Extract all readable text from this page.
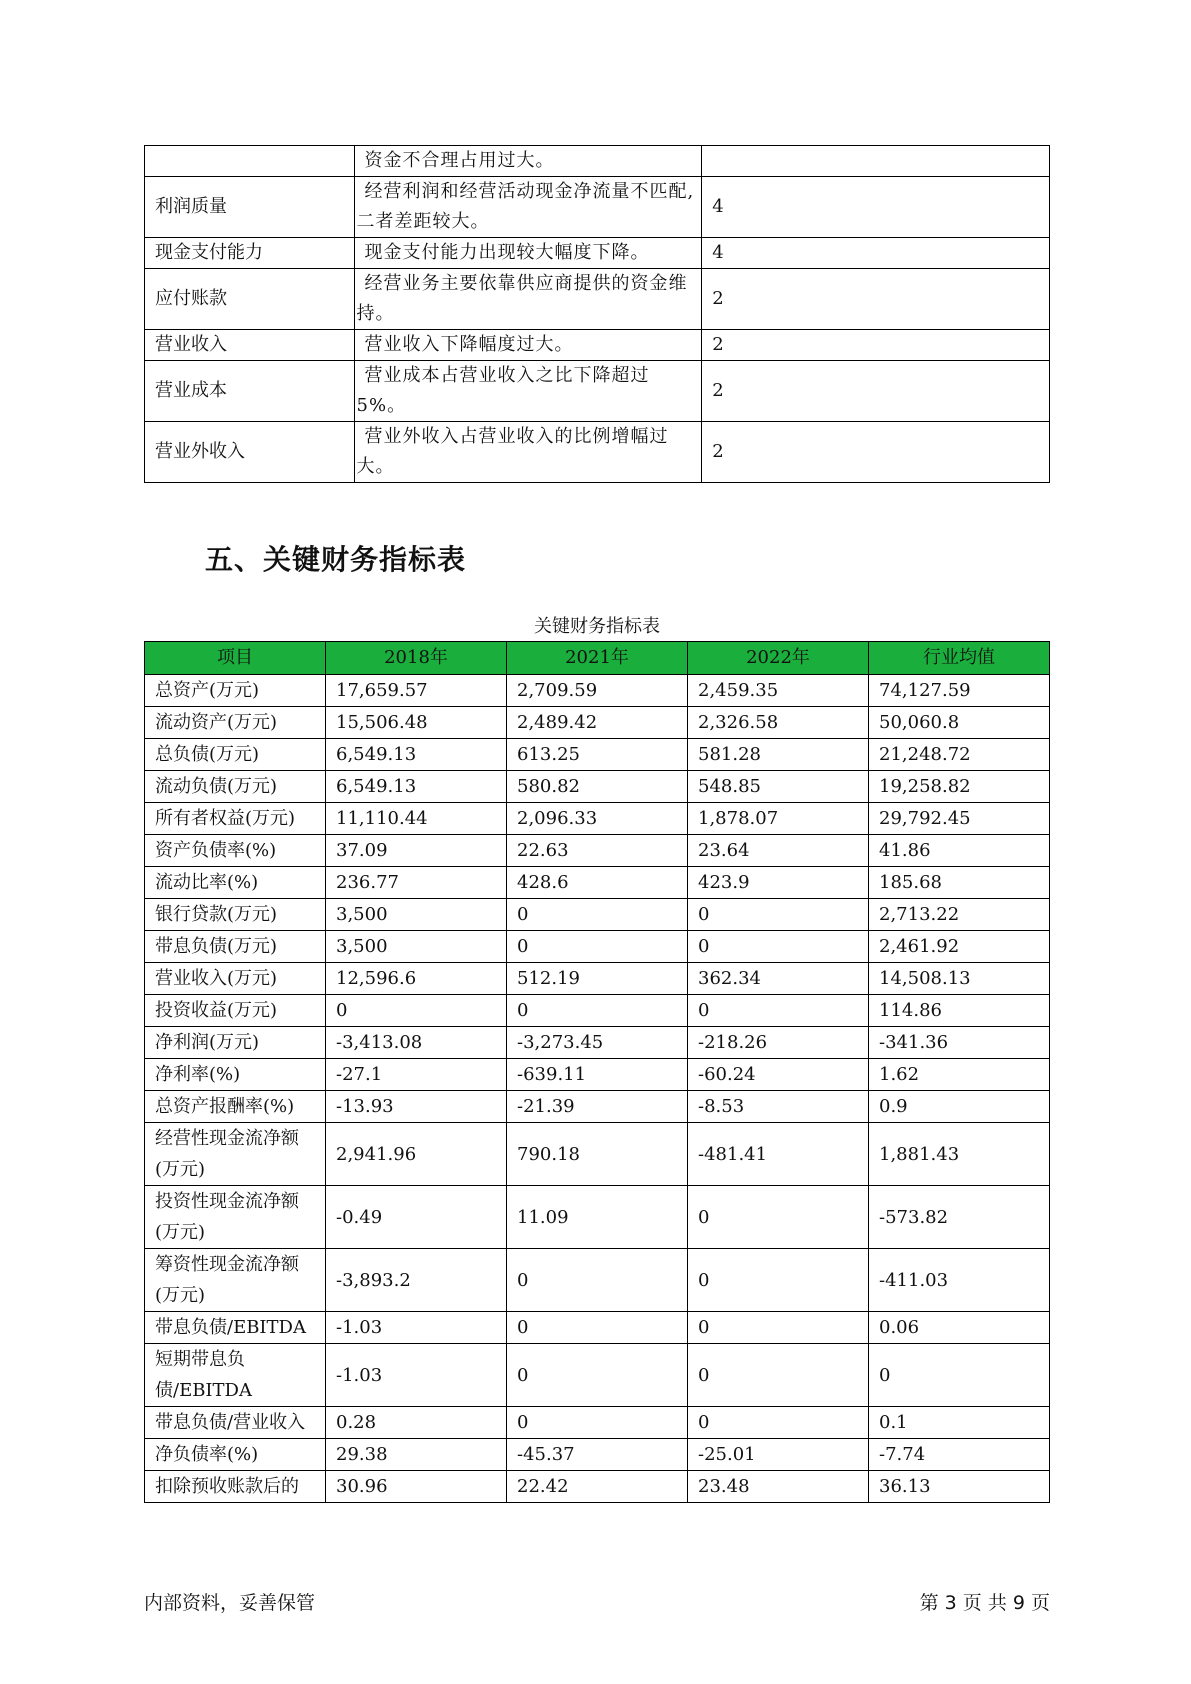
	资金不合理占用过大。	
利润质量	经营利润和经营活动现金净流量不匹配,二者差距较大。	4
现金支付能力	现金支付能力出现较大幅度下降。	4
应付账款	经营业务主要依靠供应商提供的资金维持。	2
营业收入	营业收入下降幅度过大。	2
营业成本	营业成本占营业收入之比下降超过5%。	2
营业外收入	营业外收入占营业收入的比例增幅过大。	2
五、关键财务指标表
关键财务指标表
项目	2018年	2021年	2022年	行业均值
总资产(万元)	17,659.57	2,709.59	2,459.35	74,127.59
流动资产(万元)	15,506.48	2,489.42	2,326.58	50,060.8
总负债(万元)	6,549.13	613.25	581.28	21,248.72
流动负债(万元)	6,549.13	580.82	548.85	19,258.82
所有者权益(万元)	11,110.44	2,096.33	1,878.07	29,792.45
资产负债率(%)	37.09	22.63	23.64	41.86
流动比率(%)	236.77	428.6	423.9	185.68
银行贷款(万元)	3,500	0	0	2,713.22
带息负债(万元)	3,500	0	0	2,461.92
营业收入(万元)	12,596.6	512.19	362.34	14,508.13
投资收益(万元)	0	0	0	114.86
净利润(万元)	-3,413.08	-3,273.45	-218.26	-341.36
净利率(%)	-27.1	-639.11	-60.24	1.62
总资产报酬率(%)	-13.93	-21.39	-8.53	0.9
经营性现金流净额(万元)	2,941.96	790.18	-481.41	1,881.43
投资性现金流净额(万元)	-0.49	11.09	0	-573.82
筹资性现金流净额(万元)	-3,893.2	0	0	-411.03
带息负债/EBITDA	-1.03	0	0	0.06
短期带息负债/EBITDA	-1.03	0	0	0
带息负债/营业收入	0.28	0	0	0.1
净负债率(%)	29.38	-45.37	-25.01	-7.74
扣除预收账款后的	30.96	22.42	23.48	36.13
内部资料，妥善保管	第 3 页 共 9 页
